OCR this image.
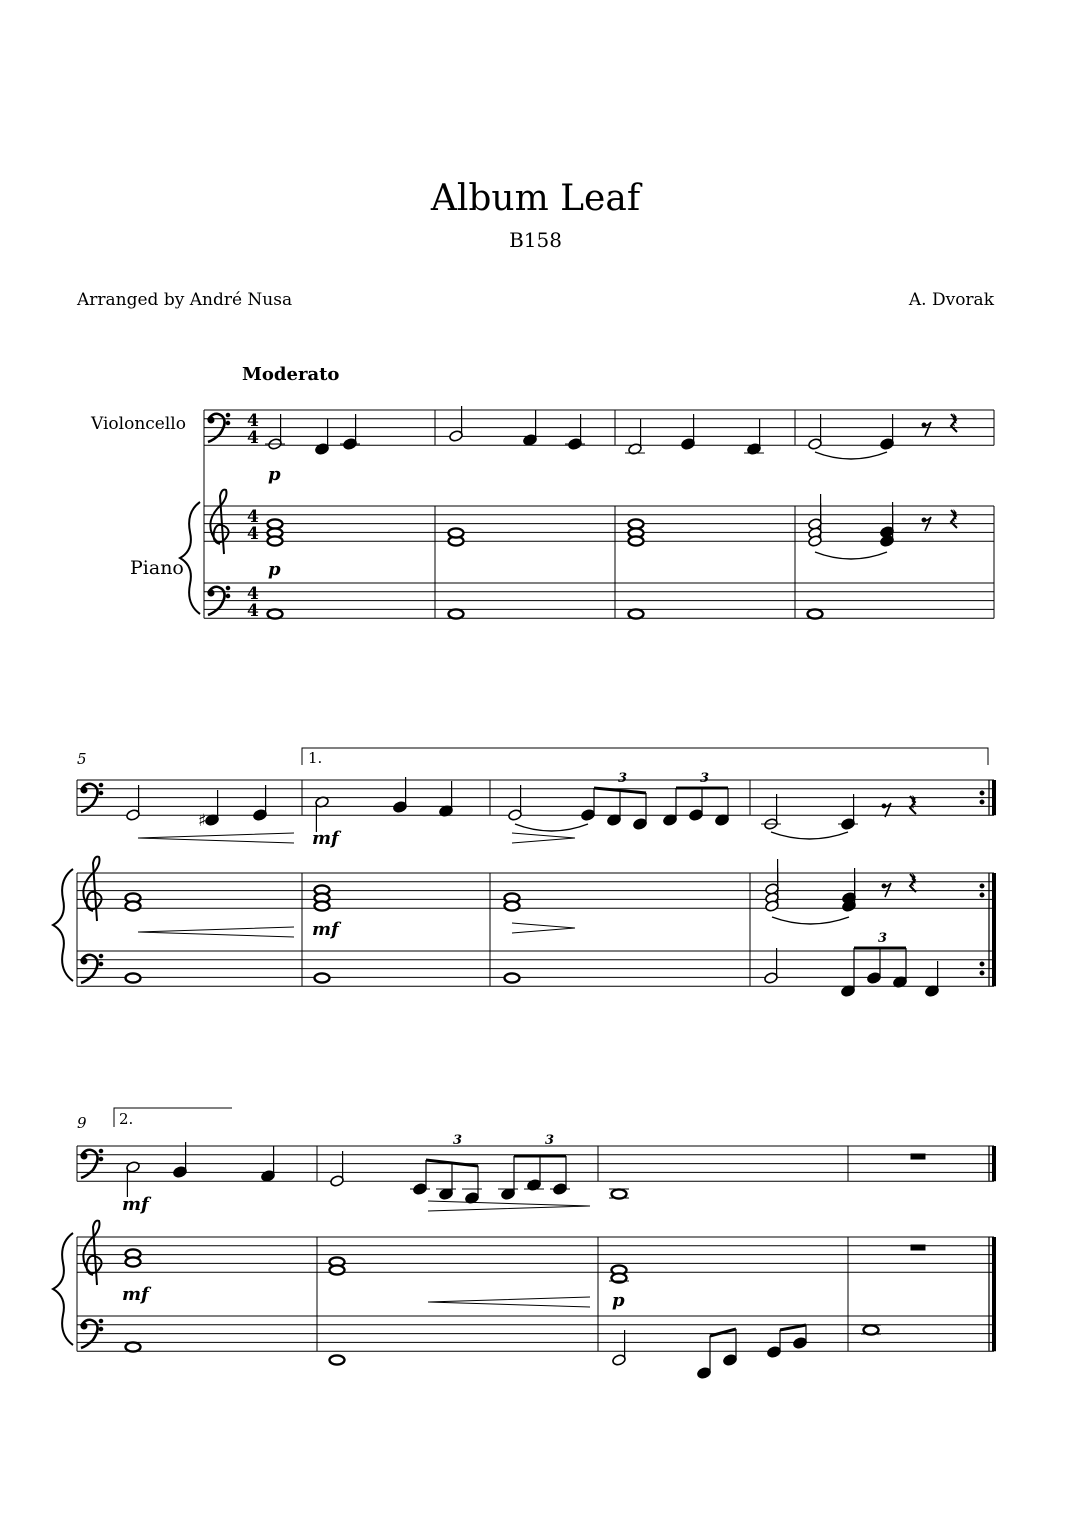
Album Leaf
B158
Arranged by André Nusa	A. Dvorak
Moderato
Violoncello
Piano
4
4
4
4
4
4
𝄽
p
𝄽
p
5	1.
♯
3	3
𝄽
mf
𝄽
mf	3
9 2.
3	3
mf
mf	p
